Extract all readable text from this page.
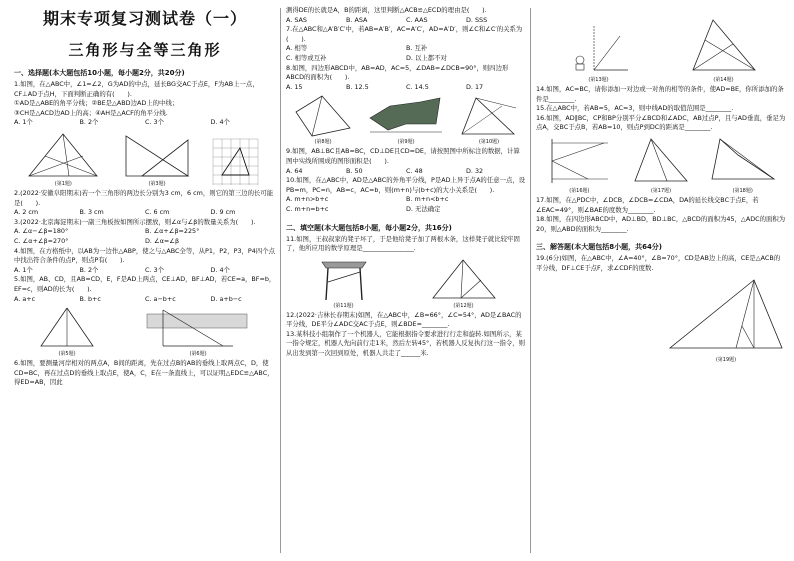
期末专项复习测试卷（一）
三角形与全等三角形
一、选择题(本大题包括10小题，每小题2分，共20分)

1.如图，在△ABC中，∠1=∠2，G为AD的中点，延长BG交AC于点E，F为AB上一点，CF⊥AD于点H，下面判断正确的有(　　).
①AD是△ABE的角平分线；②BE是△ABD边AD上的中线；
③CH是△ACD边AD上的高；④AH是△ACF的角平分线.

A. 1个	B. 2个	C. 3个	D. 4个
(第1题)	(第3题)

2.(2022·安徽阜阳期末)若一个三角形的两边长分别为3 cm，6 cm，则它的第三边的长可能是(　　).

A. 2 cm	B. 3 cm	C. 6 cm	D. 9 cm

3.(2022·北京海淀期末)一副三角板按如图所示摆放，则∠α与∠β的数量关系为(　　).

A. ∠α−∠β=180°	B. ∠α+∠β=225°
C. ∠α+∠β=270°	D. ∠α=∠β

4.如图，在方格纸中，以AB为一边作△ABP，使之与△ABC全等，从P1，P2，P3，P4四个点中找出符合条件的点P，则点P有(　　).

A. 1个	B. 2个	C. 3个	D. 4个

5.如图，AB、CD，且AB=CD，E，F是AD上两点，CE⊥AD，BF⊥AD，若CE=a，BF=b，EF=c，则AD的长为(　　).

A. a+c	B. b+c	C. a−b+c	D. a+b−c
(第5题)	(第6题)

6.如图，要测量河岸相对的两点A，B间的距离，先在过点B的AB的垂线上取两点C，D，使CD=BC，再在过点D的垂线上取点E，使A，C，E在一条直线上，可以证明△EDC≌△ABC，得ED=AB，因此

测得DE的长就是A，B的距离，这里判断△ACB≌△ECD的理由是(　　).

A. SAS	B. ASA	C. AAS	D. SSS

7.在△ABC和△A′B′C′中，若AB=A′B′，AC=A′C′，AD=A′D′，则∠C和∠C′的关系为(　　).

A. 相等	B. 互补
C. 相等或互补	D. 以上都不对

8.如图，四边形ABCD中，AB=AD，AC=5，∠DAB=∠DCB=90°，则四边形ABCD的面积为(　　).

A. 15	B. 12.5	C. 14.5	D. 17
(第8题)	(第9题)	(第10题)

9.如图，AB⊥BC且AB=BC，CD⊥DE且CD=DE，请按照图中所标注的数据，计算图中实线所围成的图形面积是(　　).

A. 64	B. 50	C. 48	D. 32

10.如图，在△ABC中，AD是△ABC的外角平分线，P是AD上异于点A的任意一点，设PB=m，PC=n，AB=c，AC=b，则(m+n)与(b+c)的大小关系是(　　).

A. m+n>b+c	B. m+n<b+c
C. m+n=b+c	D. 无法确定
二、填空题(本大题包括8小题，每小题2分，共16分)

11.如图，王叔叔家的凳子坏了，于是他给凳子加了两根木条，这样凳子就比较牢固了，他所应用的数学原理是________________.

(第11题)	(第12题)

12.(2022·吉林长春期末)如图，在△ABC中，∠B=66°，∠C=54°，AD是∠BAC的平分线，DE平分∠ADC交AC于点E，则∠BDE=________.

13.某科技小组制作了一个机器人，它能根据指令要求进行行走和旋转.如图所示，某一指令规定，机器人先向前行走1米，然后左转45°，若机器人反复执行这一指令，则从出发到第一次回到原处，机器人共走了______米.

(第13题)	(第14题)

14.如图，AC=BC，请你添加一对边或一对角的相等的条件，使AD=BE，你所添加的条件是________.

15.在△ABC中，若AB=5，AC=3，则中线AD的取值范围是________.

16.如图，AD∥BC，CP和BP分别平分∠BCD和∠ADC，AB过点P，且与AD垂直，垂足为点A，交BC于点B，若AB=10，则点P到DC的距离是________.

(第16题)	(第17题)	(第18题)

17.如图，在△PDC中，∠DCB，∠DCB=∠CDA，DA的延长线交BC于点E，若∠EAC=49°，则∠BAE的度数为________.

18.如图，在四边形ABCD中，AD⊥BD，BD⊥BC，△BCD的面积为45，△ADC的面积为20，则△ABD的面积为________.

三、解答题(本大题包括8小题，共64分)

19.(6分)如图，在△ABC中，∠A=40°，∠B=70°，CD是AB边上的高，CE是△ACB的平分线，DF⊥CE于点F，求∠CDF的度数.

(第19题)
